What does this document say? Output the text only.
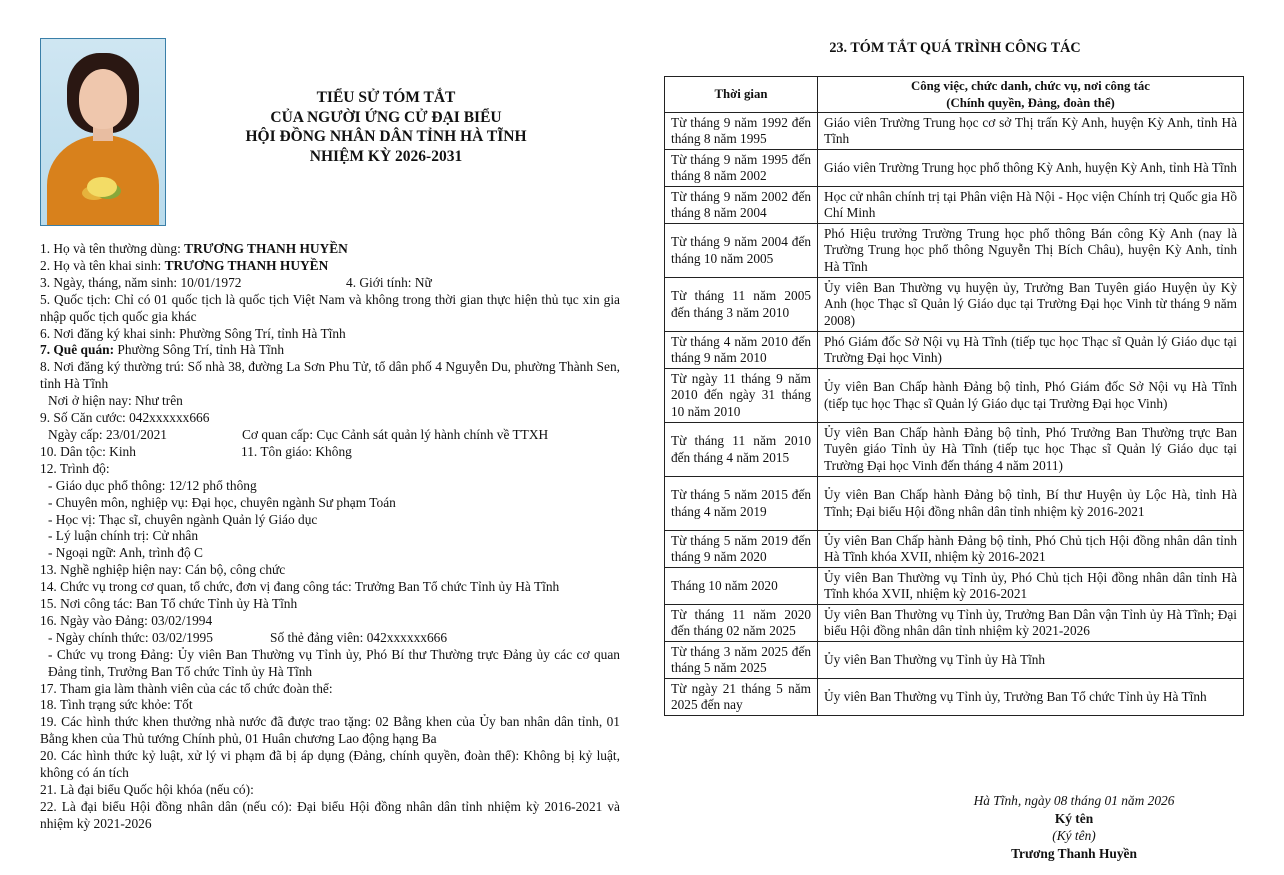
TIỂU SỬ TÓM TẮT
CỦA NGƯỜI ỨNG CỬ ĐẠI BIỂU
HỘI ĐỒNG NHÂN DÂN TỈNH HÀ TĨNH
NHIỆM KỲ 2026-2031

1. Họ và tên thường dùng: TRƯƠNG THANH HUYỀN

2. Họ và tên khai sinh: TRƯƠNG THANH HUYỀN

3. Ngày, tháng, năm sinh: 10/01/1972	4. Giới tính: Nữ

5. Quốc tịch: Chỉ có 01 quốc tịch là quốc tịch Việt Nam và không trong thời gian thực hiện thủ tục xin gia nhập quốc tịch quốc gia khác

6. Nơi đăng ký khai sinh: Phường Sông Trí, tỉnh Hà Tĩnh

7. Quê quán: Phường Sông Trí, tỉnh Hà Tĩnh

8. Nơi đăng ký thường trú: Số nhà 38, đường La Sơn Phu Tử, tổ dân phố 4 Nguyễn Du, phường Thành Sen, tỉnh Hà Tĩnh

Nơi ở hiện nay: Như trên

9. Số Căn cước: 042xxxxxx666

Ngày cấp: 23/01/2021	Cơ quan cấp: Cục Cảnh sát quản lý hành chính về TTXH

10. Dân tộc: Kinh	11. Tôn giáo: Không

12. Trình độ:

- Giáo dục phổ thông: 12/12 phổ thông

- Chuyên môn, nghiệp vụ: Đại học, chuyên ngành Sư phạm Toán

- Học vị: Thạc sĩ, chuyên ngành Quản lý Giáo dục

- Lý luận chính trị: Cử nhân

- Ngoại ngữ: Anh, trình độ C

13. Nghề nghiệp hiện nay: Cán bộ, công chức

14. Chức vụ trong cơ quan, tổ chức, đơn vị đang công tác: Trưởng Ban Tổ chức Tỉnh ủy Hà Tĩnh

15. Nơi công tác: Ban Tổ chức Tỉnh ủy Hà Tĩnh

16. Ngày vào Đảng: 03/02/1994

- Ngày chính thức: 03/02/1995	Số thẻ đảng viên: 042xxxxxx666

- Chức vụ trong Đảng: Ủy viên Ban Thường vụ Tỉnh ủy, Phó Bí thư Thường trực Đảng ủy các cơ quan Đảng tỉnh, Trưởng Ban Tổ chức Tỉnh ủy Hà Tĩnh

17. Tham gia làm thành viên của các tổ chức đoàn thể:

18. Tình trạng sức khỏe: Tốt

19. Các hình thức khen thưởng nhà nước đã được trao tặng: 02 Bằng khen của Ủy ban nhân dân tỉnh, 01 Bằng khen của Thủ tướng Chính phủ, 01 Huân chương Lao động hạng Ba

20. Các hình thức kỷ luật, xử lý vi phạm đã bị áp dụng (Đảng, chính quyền, đoàn thể): Không bị kỷ luật, không có án tích

21. Là đại biểu Quốc hội khóa (nếu có):

22. Là đại biểu Hội đồng nhân dân (nếu có): Đại biểu Hội đồng nhân dân tỉnh nhiệm kỳ 2016-2021 và nhiệm kỳ 2021-2026

23. TÓM TẮT QUÁ TRÌNH CÔNG TÁC
Thời gian	Công việc, chức danh, chức vụ, nơi công tác
(Chính quyền, Đảng, đoàn thể)

Từ tháng 9 năm 1992 đến tháng 8 năm 1995	Giáo viên Trường Trung học cơ sở Thị trấn Kỳ Anh, huyện Kỳ Anh, tỉnh Hà Tĩnh
Từ tháng 9 năm 1995 đến tháng 8 năm 2002	Giáo viên Trường Trung học phổ thông Kỳ Anh, huyện Kỳ Anh, tỉnh Hà Tĩnh
Từ tháng 9 năm 2002 đến tháng 8 năm 2004	Học cử nhân chính trị tại Phân viện Hà Nội - Học viện Chính trị Quốc gia Hồ Chí Minh
Từ tháng 9 năm 2004 đến tháng 10 năm 2005	Phó Hiệu trưởng Trường Trung học phổ thông Bán công Kỳ Anh (nay là Trường Trung học phổ thông Nguyễn Thị Bích Châu), huyện Kỳ Anh, tỉnh Hà Tĩnh
Từ tháng 11 năm 2005 đến tháng 3 năm 2010	Ủy viên Ban Thường vụ huyện ủy, Trưởng Ban Tuyên giáo Huyện ủy Kỳ Anh (học Thạc sĩ Quản lý Giáo dục tại Trường Đại học Vinh từ tháng 9 năm 2008)
Từ tháng 4 năm 2010 đến tháng 9 năm 2010	Phó Giám đốc Sở Nội vụ Hà Tĩnh (tiếp tục học Thạc sĩ Quản lý Giáo dục tại Trường Đại học Vinh)
Từ ngày 11 tháng 9 năm 2010 đến ngày 31 tháng 10 năm 2010	Ủy viên Ban Chấp hành Đảng bộ tỉnh, Phó Giám đốc Sở Nội vụ Hà Tĩnh (tiếp tục học Thạc sĩ Quản lý Giáo dục tại Trường Đại học Vinh)
Từ tháng 11 năm 2010 đến tháng 4 năm 2015	Ủy viên Ban Chấp hành Đảng bộ tỉnh, Phó Trưởng Ban Thường trực Ban Tuyên giáo Tỉnh ủy Hà Tĩnh (tiếp tục học Thạc sĩ Quản lý Giáo dục tại Trường Đại học Vinh đến tháng 4 năm 2011)
Từ tháng 5 năm 2015 đến tháng 4 năm 2019	Ủy viên Ban Chấp hành Đảng bộ tỉnh, Bí thư Huyện ủy Lộc Hà, tỉnh Hà Tĩnh; Đại biểu Hội đồng nhân dân tỉnh nhiệm kỳ 2016-2021
Từ tháng 5 năm 2019 đến tháng 9 năm 2020	Ủy viên Ban Chấp hành Đảng bộ tỉnh, Phó Chủ tịch Hội đồng nhân dân tỉnh Hà Tĩnh khóa XVII, nhiệm kỳ 2016-2021
Tháng 10 năm 2020	Ủy viên Ban Thường vụ Tỉnh ủy, Phó Chủ tịch Hội đồng nhân dân tỉnh Hà Tĩnh khóa XVII, nhiệm kỳ 2016-2021
Từ tháng 11 năm 2020 đến tháng 02 năm 2025	Ủy viên Ban Thường vụ Tỉnh ủy, Trưởng Ban Dân vận Tỉnh ủy Hà Tĩnh; Đại biểu Hội đồng nhân dân tỉnh nhiệm kỳ 2021-2026
Từ tháng 3 năm 2025 đến tháng 5 năm 2025	Ủy viên Ban Thường vụ Tỉnh ủy Hà Tĩnh
Từ ngày 21 tháng 5 năm 2025 đến nay	Ủy viên Ban Thường vụ Tỉnh ủy, Trưởng Ban Tổ chức Tỉnh ủy Hà Tĩnh
Hà Tĩnh, ngày 08 tháng 01 năm 2026
Ký tên
(Ký tên)
Trương Thanh Huyền
